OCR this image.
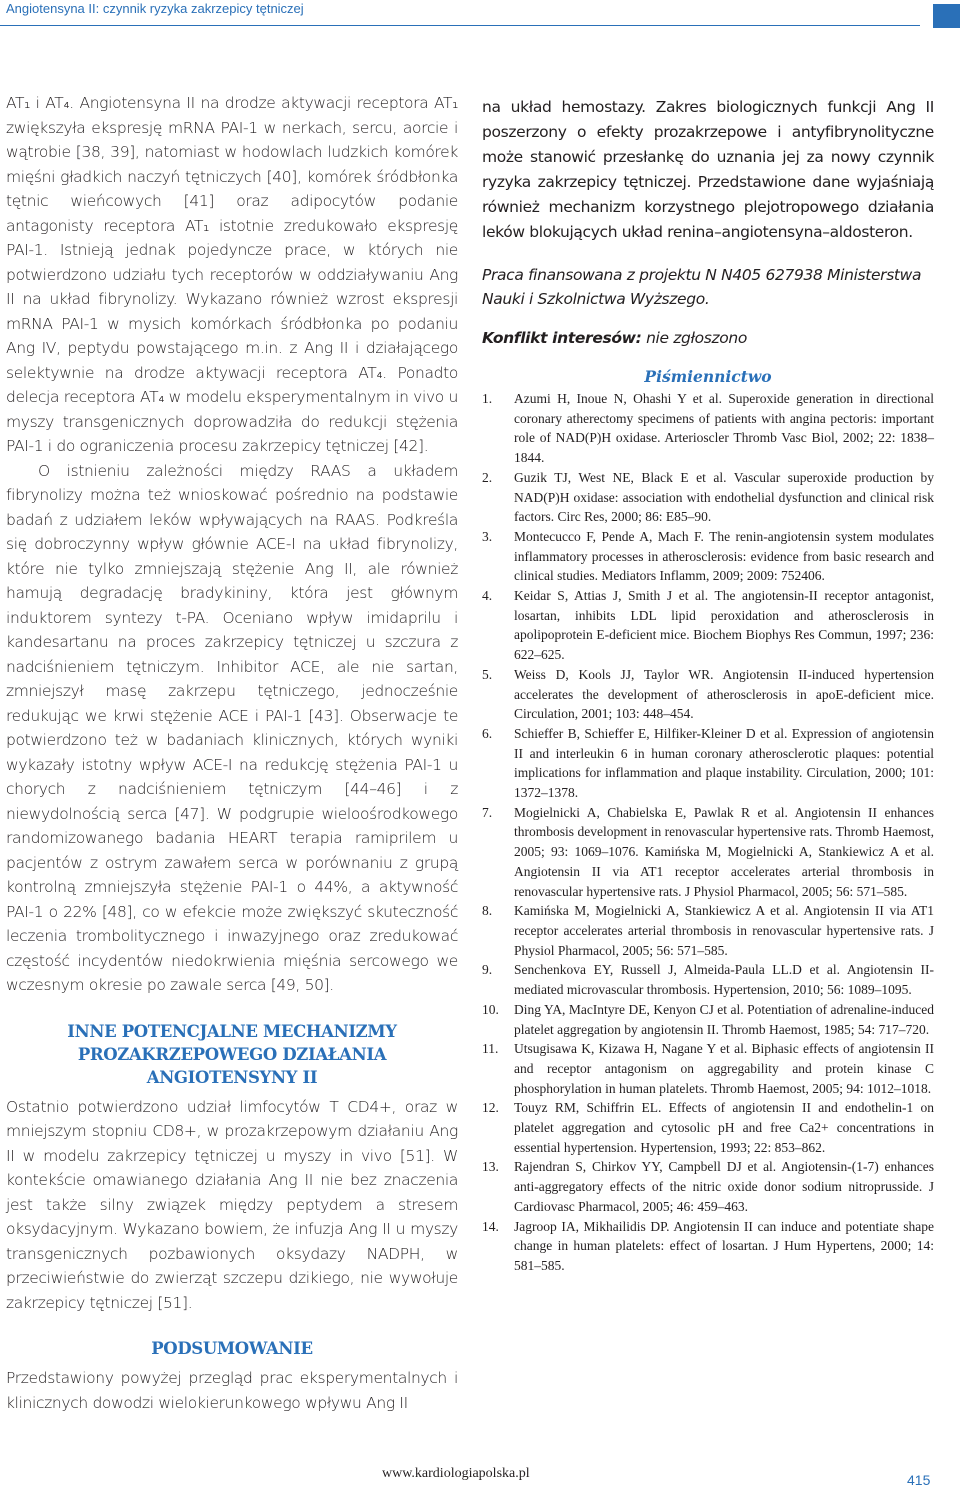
Angiotensyna II: czynnik ryzyka zakrzepicy tętniczej

AT₁ i AT₄. Angiotensyna II na drodze aktywacji receptora AT₁ zwiększyła ekspresję mRNA PAI-1 w nerkach, sercu, aorcie i wątrobie [38, 39], natomiast w hodowlach ludzkich komórek mięśni gładkich naczyń tętniczych [40], komórek śródbłonka tętnic wieńcowych [41] oraz adipocytów podanie antagonisty receptora AT₁ istotnie zredukowało ekspresję PAI-1. Istnieją jednak pojedyncze prace, w których nie potwierdzono udziału tych receptorów w oddziaływaniu Ang II na układ fibrynolizy. Wykazano również wzrost ekspresji mRNA PAI-1 w mysich komórkach śródbłonka po podaniu Ang IV, peptydu powstającego m.in. z Ang II i działającego selektywnie na drodze aktywacji receptora AT₄. Ponadto delecja receptora AT₄ w modelu eksperymentalnym in vivo u myszy transgenicznych doprowadziła do redukcji stężenia PAI-1 i do ograniczenia procesu zakrzepicy tętniczej [42].

O istnieniu zależności między RAAS a układem fibrynolizy można też wnioskować pośrednio na podstawie badań z udziałem leków wpływających na RAAS. Podkreśla się dobroczynny wpływ głównie ACE-I na układ fibrynolizy, które nie tylko zmniejszają stężenie Ang II, ale również hamują degradację bradykininy, która jest głównym induktorem syntezy t-PA. Oceniano wpływ imidaprilu i kandesartanu na proces zakrzepicy tętniczej u szczura z nadciśnieniem tętniczym. Inhibitor ACE, ale nie sartan, zmniejszył masę zakrzepu tętniczego, jednocześnie redukując we krwi stężenie ACE i PAI-1 [43]. Obserwacje te potwierdzono też w badaniach klinicznych, których wyniki wykazały istotny wpływ ACE-I na redukcję stężenia PAI-1 u chorych z nadciśnieniem tętniczym [44–46] i z niewydolnością serca [47]. W podgrupie wieloośrodkowego randomizowanego badania HEART terapia ramiprilem u pacjentów z ostrym zawałem serca w porównaniu z grupą kontrolną zmniejszyła stężenie PAI-1 o 44%, a aktywność PAI-1 o 22% [48], co w efekcie może zwiększyć skuteczność leczenia trombolitycznego i inwazyjnego oraz zredukować częstość incydentów niedokrwienia mięśnia sercowego we wczesnym okresie po zawale serca [49, 50].

INNE POTENCJALNE MECHANIZMY
PROZAKRZEPOWEGO DZIAŁANIA
ANGIOTENSYNY II

Ostatnio potwierdzono udział limfocytów T CD4+, oraz w mniejszym stopniu CD8+, w prozakrzepowym działaniu Ang II w modelu zakrzepicy tętniczej u myszy in vivo [51]. W kontekście omawianego działania Ang II nie bez znaczenia jest także silny związek między peptydem a stresem oksydacyjnym. Wykazano bowiem, że infuzja Ang II u myszy transgenicznych pozbawionych oksydazy NADPH, w przeciwieństwie do zwierząt szczepu dzikiego, nie wywołuje zakrzepicy tętniczej [51].

PODSUMOWANIE

Przedstawiony powyżej przegląd prac eksperymentalnych i klinicznych dowodzi wielokierunkowego wpływu Ang II

na układ hemostazy. Zakres biologicznych funkcji Ang II poszerzony o efekty prozakrzepowe i antyfibrynolityczne może stanowić przesłankę do uznania jej za nowy czynnik ryzyka zakrzepicy tętniczej. Przedstawione dane wyjaśniają również mechanizm korzystnego plejotropowego działania leków blokujących układ renina–angiotensyna–aldosteron.

Praca finansowana z projektu N N405 627938 Ministerstwa Nauki i Szkolnictwa Wyższego.

Konflikt interesów: nie zgłoszono

Piśmiennictwo
1. Azumi H, Inoue N, Ohashi Y et al. Superoxide generation in directional coronary atherectomy specimens of patients with angina pectoris: important role of NAD(P)H oxidase. Arterioscler Thromb Vasc Biol, 2002; 22: 1838–1844.
2. Guzik TJ, West NE, Black E et al. Vascular superoxide production by NAD(P)H oxidase: association with endothelial dysfunction and clinical risk factors. Circ Res, 2000; 86: E85–90.
3. Montecucco F, Pende A, Mach F. The renin-angiotensin system modulates inflammatory processes in atherosclerosis: evidence from basic research and clinical studies. Mediators Inflamm, 2009; 2009: 752406.
4. Keidar S, Attias J, Smith J et al. The angiotensin-II receptor antagonist, losartan, inhibits LDL lipid peroxidation and atherosclerosis in apolipoprotein E-deficient mice. Biochem Biophys Res Commun, 1997; 236: 622–625.
5. Weiss D, Kools JJ, Taylor WR. Angiotensin II-induced hypertension accelerates the development of atherosclerosis in apoE-deficient mice. Circulation, 2001; 103: 448–454.
6. Schieffer B, Schieffer E, Hilfiker-Kleiner D et al. Expression of angiotensin II and interleukin 6 in human coronary atherosclerotic plaques: potential implications for inflammation and plaque instability. Circulation, 2000; 101: 1372–1378.
7. Mogielnicki A, Chabielska E, Pawlak R et al. Angiotensin II enhances thrombosis development in renovascular hypertensive rats. Thromb Haemost, 2005; 93: 1069–1076. Kamińska M, Mogielnicki A, Stankiewicz A et al. Angiotensin II via AT1 receptor accelerates arterial thrombosis in renovascular hypertensive rats. J Physiol Pharmacol, 2005; 56: 571–585.
8. Kamińska M, Mogielnicki A, Stankiewicz A et al. Angiotensin II via AT1 receptor accelerates arterial thrombosis in renovascular hypertensive rats. J Physiol Pharmacol, 2005; 56: 571–585.
9. Senchenkova EY, Russell J, Almeida-Paula LL.D et al. Angiotensin II-mediated microvascular thrombosis. Hypertension, 2010; 56: 1089–1095.
10. Ding YA, MacIntyre DE, Kenyon CJ et al. Potentiation of adrenaline-induced platelet aggregation by angiotensin II. Thromb Haemost, 1985; 54: 717–720.
11. Utsugisawa K, Kizawa H, Nagane Y et al. Biphasic effects of angiotensin II and receptor antagonism on aggregability and protein kinase C phosphorylation in human platelets. Thromb Haemost, 2005; 94: 1012–1018.
12. Touyz RM, Schiffrin EL. Effects of angiotensin II and endothelin-1 on platelet aggregation and cytosolic pH and free Ca2+ concentrations in essential hypertension. Hypertension, 1993; 22: 853–862.
13. Rajendran S, Chirkov YY, Campbell DJ et al. Angiotensin-(1-7) enhances anti-aggregatory effects of the nitric oxide donor sodium nitroprusside. J Cardiovasc Pharmacol, 2005; 46: 459–463.
14. Jagroop IA, Mikhailidis DP. Angiotensin II can induce and potentiate shape change in human platelets: effect of losartan. J Hum Hypertens, 2000; 14: 581–585.
www.kardiologiapolska.pl	415
